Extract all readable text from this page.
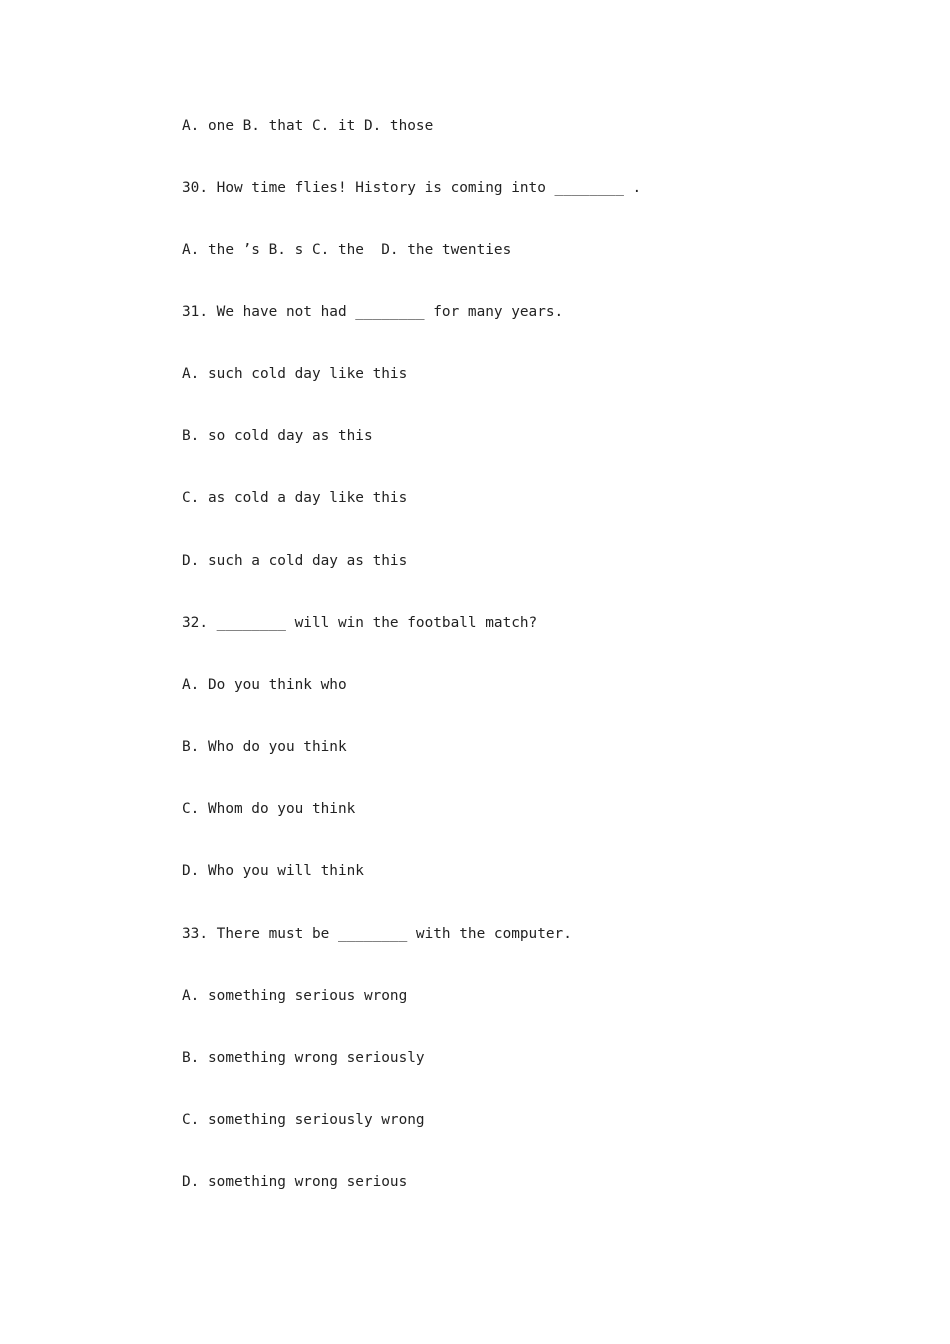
A. one B. that C. it D. those
30. How time flies! History is coming into ________ .
A. the ’s B. s C. the  D. the twenties
31. We have not had ________ for many years.
A. such cold day like this
B. so cold day as this
C. as cold a day like this
D. such a cold day as this
32. ________ will win the football match?
A. Do you think who
B. Who do you think
C. Whom do you think
D. Who you will think
33. There must be ________ with the computer.
A. something serious wrong
B. something wrong seriously
C. something seriously wrong
D. something wrong serious
